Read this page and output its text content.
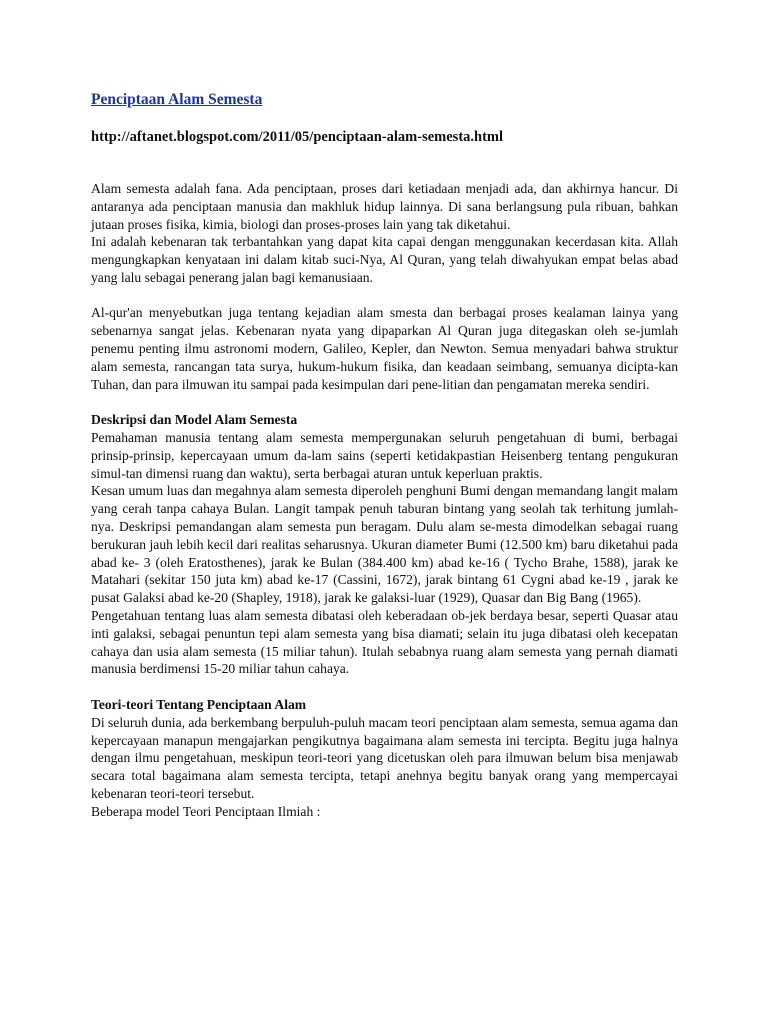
Penciptaan Alam Semesta

http://aftanet.blogspot.com/2011/05/penciptaan-alam-semesta.html

Alam semesta adalah fana. Ada penciptaan, proses dari ketiadaan menjadi ada, dan akhirnya hancur. Di antaranya ada penciptaan manusia dan makhluk hidup lainnya. Di sana berlangsung pula ribuan, bahkan jutaan proses fisika, kimia, biologi dan proses-proses lain yang tak diketahui.

Ini adalah kebenaran tak terbantahkan yang dapat kita capai dengan menggunakan kecerdasan kita. Allah mengungkapkan kenyataan ini dalam kitab suci-Nya, Al Quran, yang telah diwahyukan empat belas abad yang lalu sebagai penerang jalan bagi kemanusiaan.

Al-qur'an menyebutkan juga tentang kejadian alam smesta dan berbagai proses kealaman lainya yang sebenarnya sangat jelas. Kebenaran nyata yang dipaparkan Al Quran juga ditegaskan oleh se-jumlah penemu penting ilmu astronomi modern, Galileo, Kepler, dan Newton. Semua menyadari bahwa struktur alam semesta, rancangan tata surya, hukum-hukum fisika, dan keadaan seimbang, semuanya dicipta-kan Tuhan, dan para ilmuwan itu sampai pada kesimpulan dari pene-litian dan pengamatan mereka sendiri.

Deskripsi dan Model Alam Semesta

Pemahaman manusia tentang alam semesta mempergunakan seluruh pengetahuan di bumi, berbagai prinsip-prinsip, kepercayaan umum da-lam sains (seperti ketidakpastian Heisenberg tentang pengukuran simul-tan dimensi ruang dan waktu), serta berbagai aturan untuk keperluan praktis.

Kesan umum luas dan megahnya alam semesta diperoleh penghuni Bumi dengan memandang langit malam yang cerah tanpa cahaya Bulan. Langit tampak penuh taburan bintang yang seolah tak terhitung jumlah-nya. Deskripsi pemandangan alam semesta pun beragam. Dulu alam se-mesta dimodelkan sebagai ruang berukuran jauh lebih kecil dari realitas seharusnya. Ukuran diameter Bumi (12.500 km) baru diketahui pada abad ke- 3 (oleh Eratosthenes), jarak ke Bulan (384.400 km) abad ke-16 ( Tycho Brahe, 1588), jarak ke Matahari (sekitar 150 juta km) abad ke-17 (Cassini, 1672), jarak bintang 61 Cygni abad ke-19 , jarak ke pusat Galaksi abad ke-20 (Shapley, 1918), jarak ke galaksi-luar (1929), Quasar dan Big Bang (1965).

Pengetahuan tentang luas alam semesta dibatasi oleh keberadaan ob-jek berdaya besar, seperti Quasar atau inti galaksi, sebagai penuntun tepi alam semesta yang bisa diamati; selain itu juga dibatasi oleh kecepatan cahaya dan usia alam semesta (15 miliar tahun). Itulah sebabnya ruang alam semesta yang pernah diamati manusia berdimensi 15-20 miliar tahun cahaya.

Teori-teori Tentang Penciptaan Alam

Di seluruh dunia, ada berkembang berpuluh-puluh macam teori penciptaan alam semesta, semua agama dan kepercayaan manapun mengajarkan pengikutnya bagaimana alam semesta ini tercipta. Begitu juga halnya dengan ilmu pengetahuan, meskipun teori-teori yang dicetuskan oleh para ilmuwan belum bisa menjawab secara total bagaimana alam semesta tercipta, tetapi anehnya begitu banyak orang yang mempercayai kebenaran teori-teori tersebut.

Beberapa model Teori Penciptaan Ilmiah :
